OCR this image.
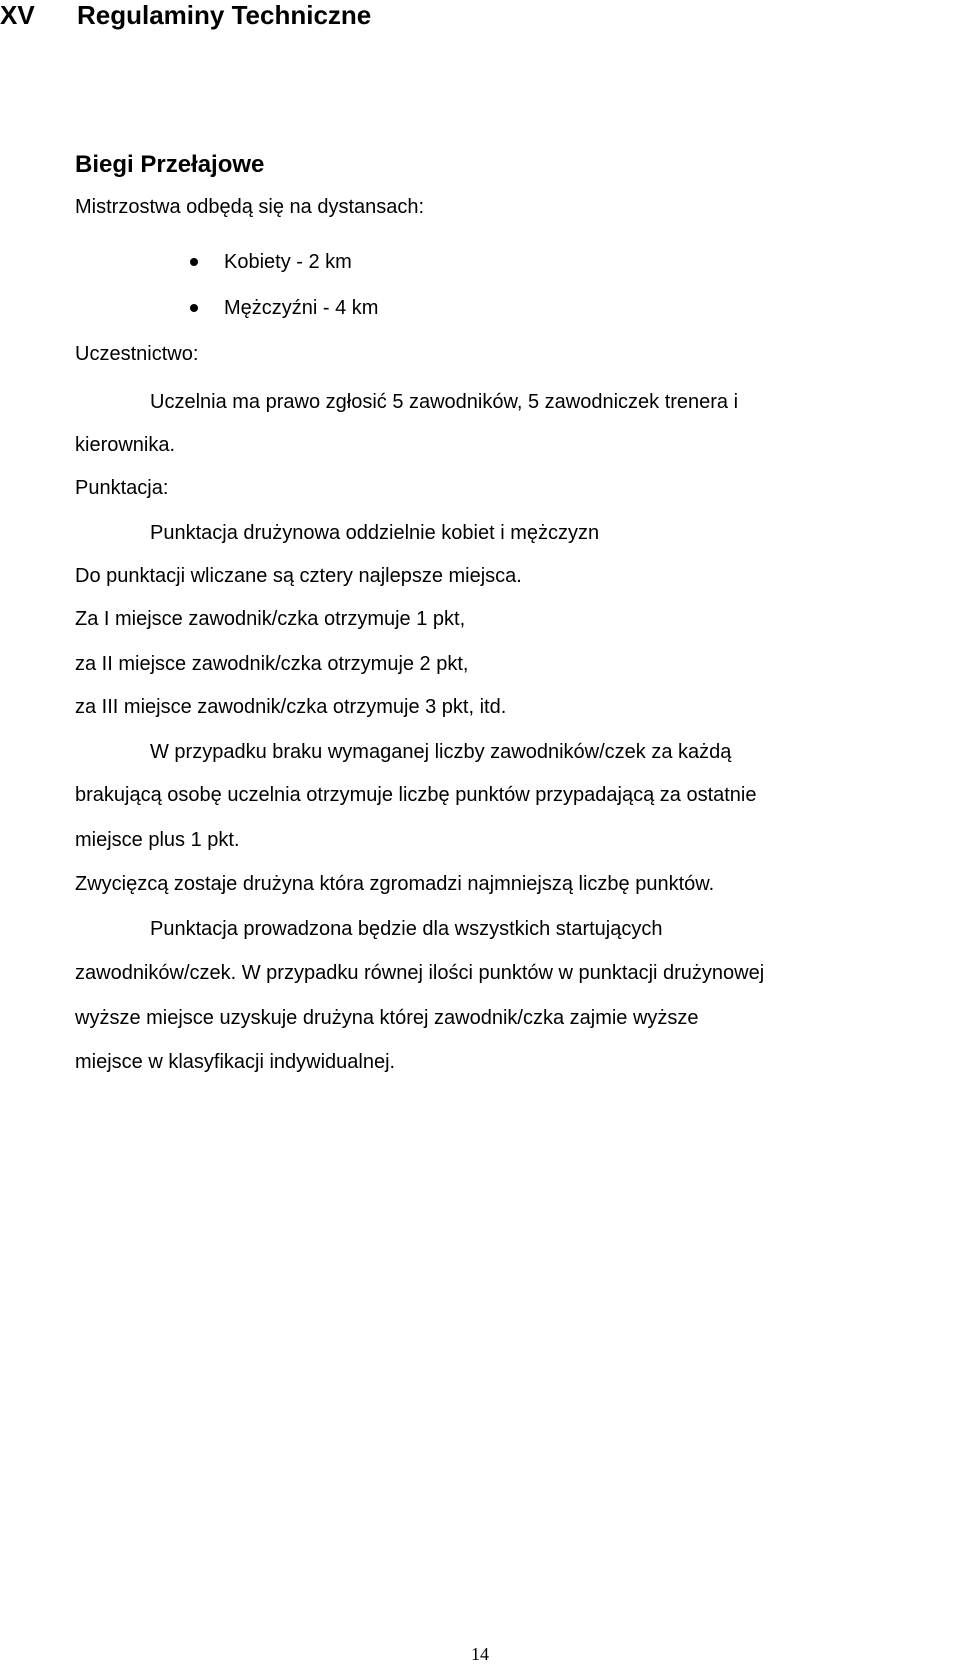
XV Regulaminy Techniczne
Biegi Przełajowe
Mistrzostwa odbędą się na dystansach:
Kobiety - 2 km
Mężczyźni - 4 km
Uczestnictwo:
Uczelnia ma prawo zgłosić 5 zawodników, 5 zawodniczek trenera i
kierownika.
Punktacja:
Punktacja drużynowa oddzielnie kobiet i mężczyzn
Do punktacji wliczane są cztery najlepsze miejsca.
Za I miejsce zawodnik/czka otrzymuje 1 pkt,
za II miejsce zawodnik/czka otrzymuje 2 pkt,
za III miejsce zawodnik/czka otrzymuje 3 pkt, itd.
W przypadku braku wymaganej liczby zawodników/czek za każdą
brakującą osobę uczelnia otrzymuje liczbę punktów przypadającą za ostatnie
miejsce plus 1 pkt.
Zwycięzcą zostaje drużyna która zgromadzi najmniejszą liczbę punktów.
Punktacja prowadzona będzie dla wszystkich startujących
zawodników/czek. W przypadku równej ilości punktów w punktacji drużynowej
wyższe miejsce uzyskuje drużyna której zawodnik/czka zajmie wyższe
miejsce w klasyfikacji indywidualnej.
14
